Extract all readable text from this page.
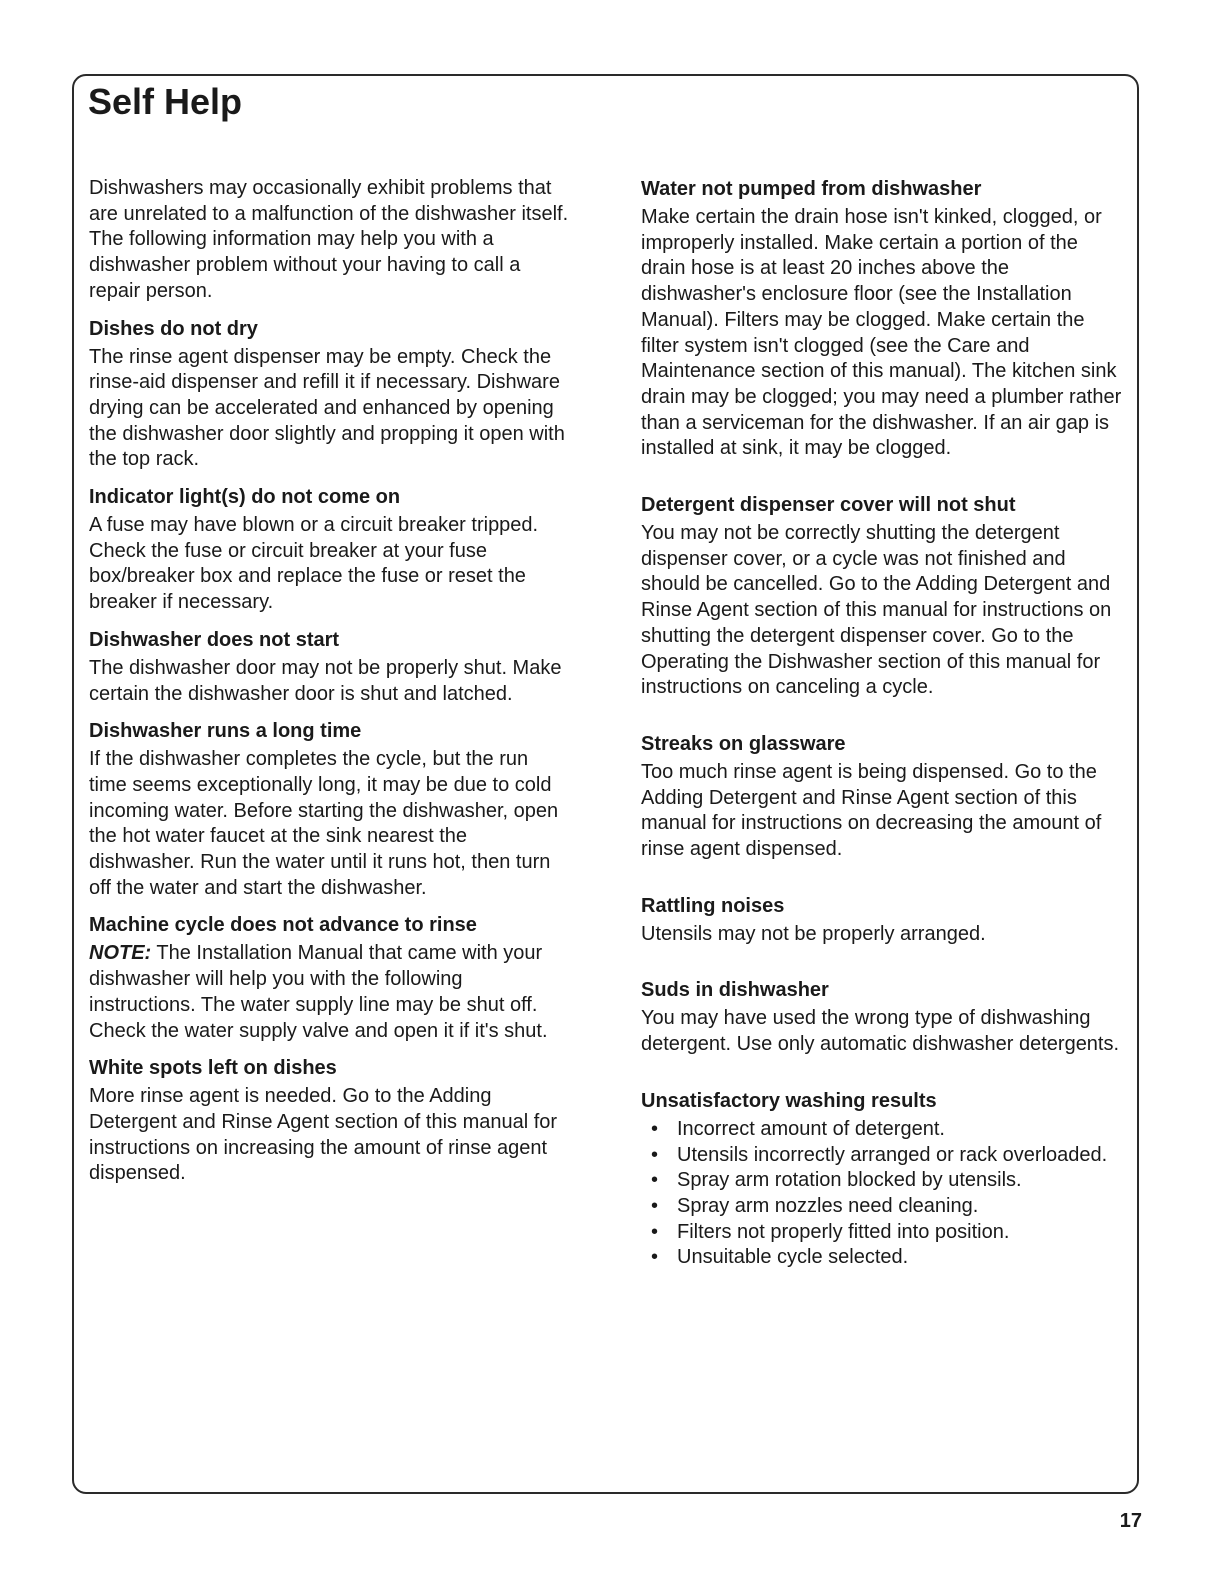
Self Help

Dishwashers may occasionally exhibit problems that are unrelated to a malfunction of the dishwasher itself. The following information may help you with a dishwasher problem without your having to call a repair person.

Dishes do not dry

The rinse agent dispenser may be empty. Check the rinse-aid dispenser and refill it if necessary. Dishware drying can be accelerated and enhanced by opening the dishwasher door slightly and propping it open with the top rack.

Indicator light(s) do not come on

A fuse may have blown or a circuit breaker tripped. Check the fuse or circuit breaker at your fuse box/breaker box and replace the fuse or reset the breaker if necessary.

Dishwasher does not start

The dishwasher door may not be properly shut. Make certain the dishwasher door is shut and latched.

Dishwasher runs a long time

If the dishwasher completes the cycle, but the run time seems exceptionally long, it may be due to cold incoming water. Before starting the dishwasher, open the hot water faucet at the sink nearest the dishwasher. Run the water until it runs hot, then turn off the water and start the dishwasher.

Machine cycle does not advance to rinse

NOTE: The Installation Manual that came with your dishwasher will help you with the following instructions. The water supply line may be shut off. Check the water supply valve and open it if it's shut.

White spots left on dishes

More rinse agent is needed. Go to the Adding Detergent and Rinse Agent section of this manual for instructions on increasing the amount of rinse agent dispensed.

Water not pumped from dishwasher

Make certain the drain hose isn't kinked, clogged, or improperly installed. Make certain a portion of the drain hose is at least 20 inches above the dishwasher's enclosure floor (see the Installation Manual). Filters may be clogged. Make certain the filter system isn't clogged (see the Care and Maintenance section of this manual). The kitchen sink drain may be clogged; you may need a plumber rather than a serviceman for the dishwasher. If an air gap is installed at sink, it may be clogged.

Detergent dispenser cover will not shut

You may not be correctly shutting the detergent dispenser cover, or a cycle was not finished and should be cancelled. Go to the Adding Detergent and Rinse Agent section of this manual for instructions on shutting the detergent dispenser cover. Go to the Operating the Dishwasher section of this manual for instructions on canceling a cycle.

Streaks on glassware

Too much rinse agent is being dispensed. Go to the Adding Detergent and Rinse Agent section of this manual for instructions on decreasing the amount of rinse agent dispensed.

Rattling noises

Utensils may not be properly arranged.

Suds in dishwasher

You may have used the wrong type of dishwashing detergent. Use only automatic dishwasher detergents.

Unsatisfactory washing results

• Incorrect amount of detergent.
• Utensils incorrectly arranged or rack overloaded.
• Spray arm rotation blocked by utensils.
• Spray arm nozzles need cleaning.
• Filters not properly fitted into position.
• Unsuitable cycle selected.
17
